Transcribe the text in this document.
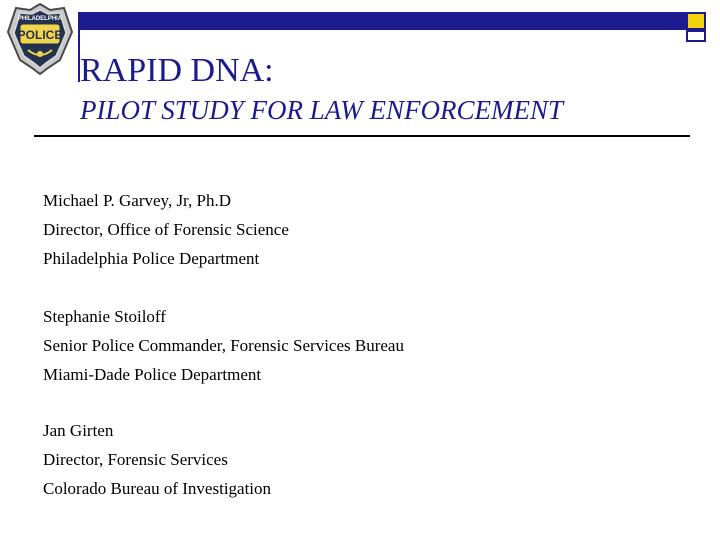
POLICE
PHILADELPHIA
RAPID DNA:
PILOT STUDY FOR LAW ENFORCEMENT
Michael P. Garvey, Jr, Ph.D
Director, Office of Forensic Science
Philadelphia Police Department
Stephanie Stoiloff
Senior Police Commander, Forensic Services Bureau
Miami-Dade Police Department
Jan Girten
Director, Forensic Services
Colorado Bureau of Investigation
